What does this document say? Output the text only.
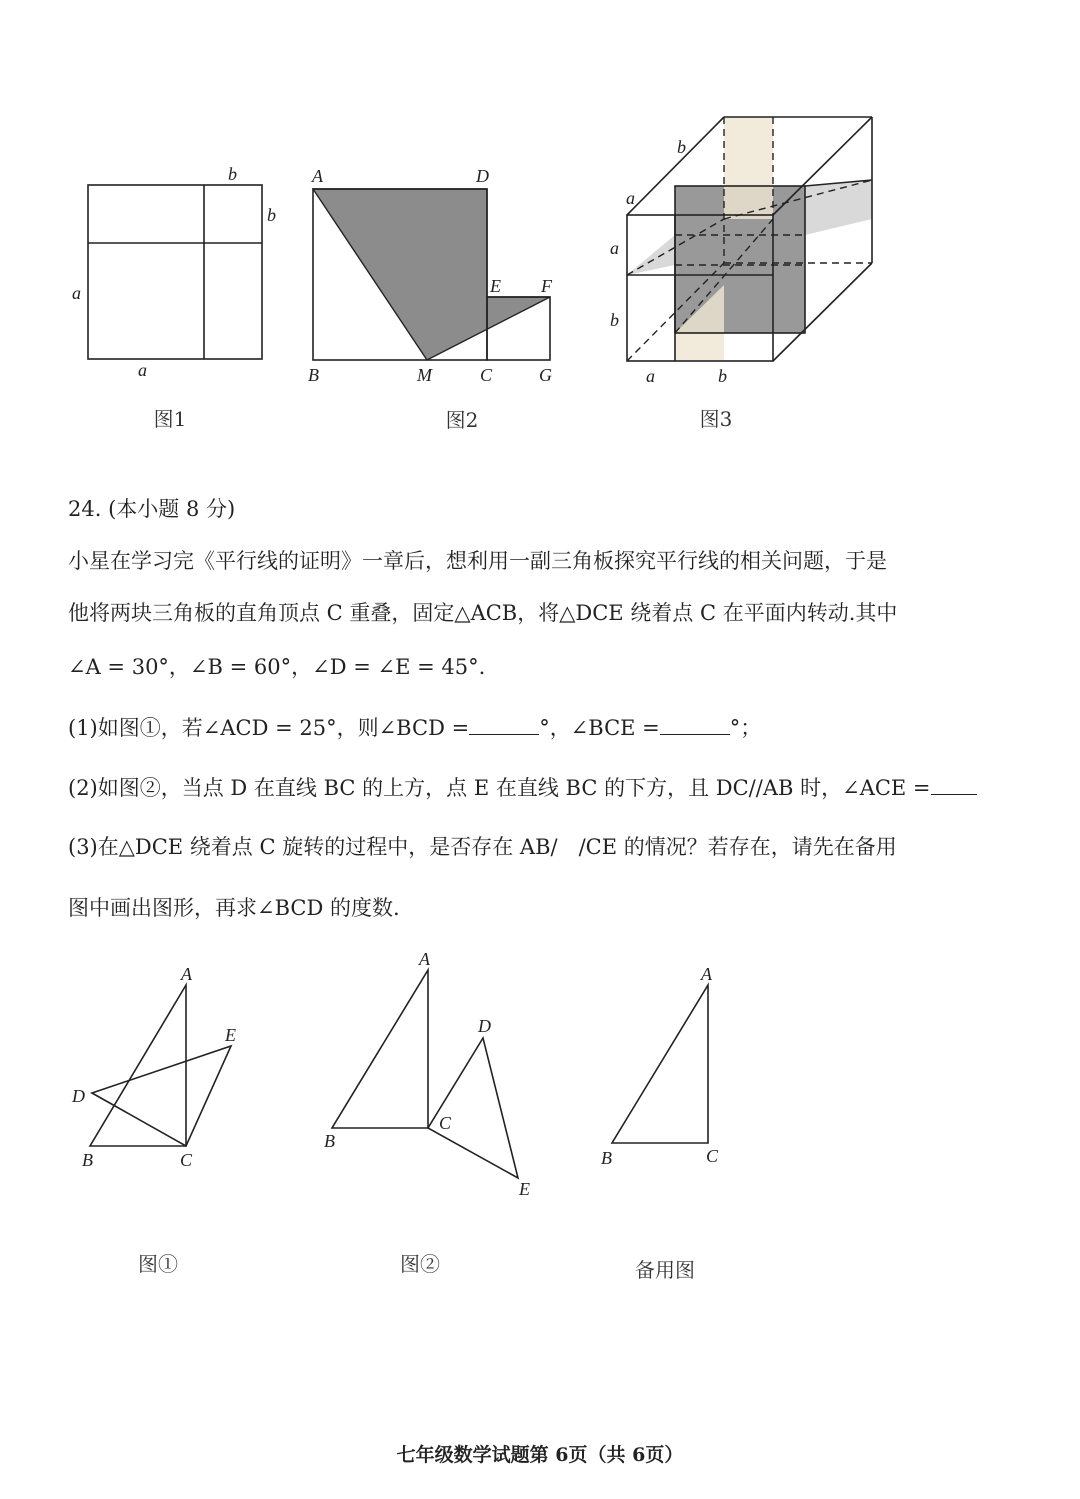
b
b
a
a
图1
A	D
E F
B	M	C	G
图2
b
a
a
b
a	b
图3
24. (本小题 8 分)
小星在学习完《平行线的证明》一章后，想利用一副三角板探究平行线的相关问题，于是
他将两块三角板的直角顶点 C 重叠，固定△ACB，将△DCE 绕着点 C 在平面内转动.其中
∠A = 30°，∠B = 60°，∠D = ∠E = 45°.
(1)如图①，若∠ACD = 25°，则∠BCD =	°，∠BCE =	°；
(2)如图②，当点 D 在直线 BC 的上方，点 E 在直线 BC 的下方，且 DC//AB 时，∠ACE =
(3)在△DCE 绕着点 C 旋转的过程中，是否存在 AB/　/CE 的情况？若存在，请先在备用
图中画出图形，再求∠BCD 的度数.
A
E
D
B	C
图①
A
D
C
B
E
图②
A
B	C
备用图
七年级数学试题第 6页（共 6页）
